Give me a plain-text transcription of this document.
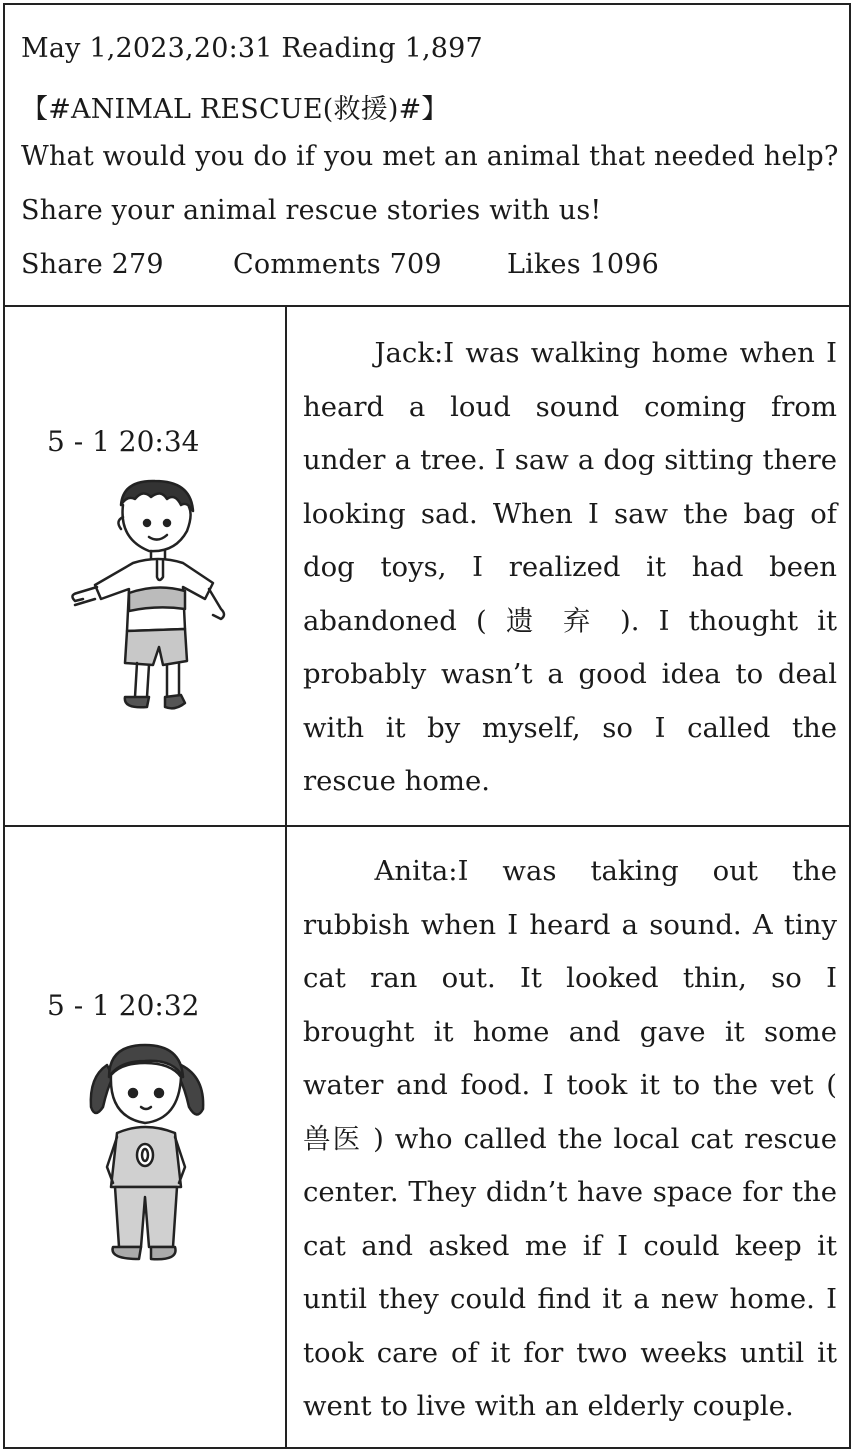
May 1,2023,20:31 Reading 1,897
【#ANIMAL RESCUE(救援)#】
What would you do if you met an animal that needed help?
Share your animal rescue stories with us!
Share 279	Comments 709	Likes 1096
5 - 1 20:34

Jack:I was walking home when I heard a loud sound coming from under a tree. I saw a dog sitting there looking sad. When I saw the bag of dog toys, I realized it had been abandoned ( 遗 弃 ). I thought it probably wasn’t a good idea to deal with it by myself, so I called the rescue home.

5 - 1 20:32

Anita:I was taking out the rubbish when I heard a sound. A tiny cat ran out. It looked thin, so I brought it home and gave it some water and food. I took it to the vet ( 兽医 ) who called the local cat rescue center. They didn’t have space for the cat and asked me if I could keep it until they could find it a new home. I took care of it for two weeks until it went to live with an elderly couple.
